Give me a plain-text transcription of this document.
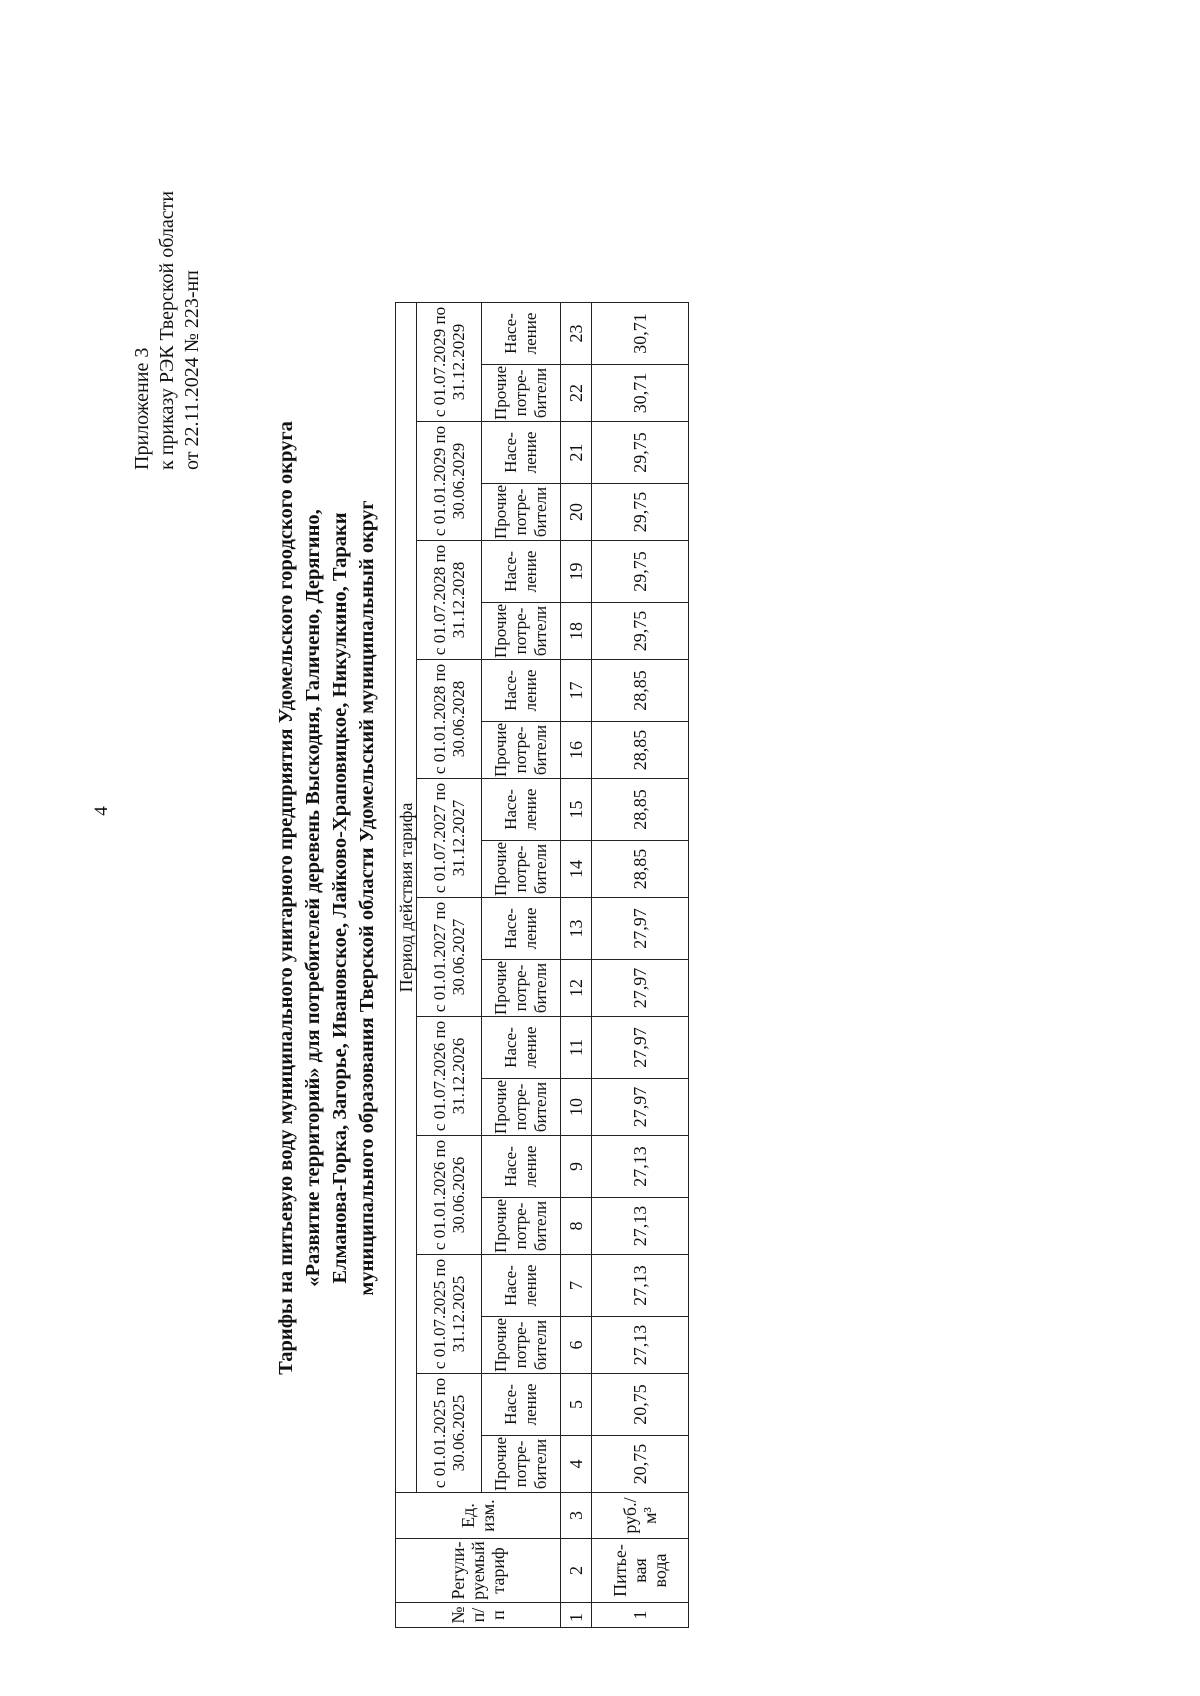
4
Приложение 3 к приказу РЭК Тверской области от 22.11.2024 № 223-нп
Тарифы на питьевую воду муниципального унитарного предприятия Удомельского городского округа «Развитие территорий» для потребителей деревень Выскодня, Галичено, Дерягино, Елманова-Горка, Загорье, Ивановское, Лайково-Храповицкое, Никулкино, Тараки муниципального образования Тверской области Удомельский муниципальный округ
№ п/п	Регули-руемый тариф	Ед. изм.	Период действия тарифа																			
			с 01.01.2025 по 30.06.2025		с 01.07.2025 по 31.12.2025		с 01.01.2026 по 30.06.2026		с 01.07.2026 по 31.12.2026		с 01.01.2027 по 30.06.2027		с 01.07.2027 по 31.12.2027		с 01.01.2028 по 30.06.2028		с 01.07.2028 по 31.12.2028		с 01.01.2029 по 30.06.2029		с 01.07.2029 по 31.12.2029	
			Прочие потре-бители	Насе-ление	Прочие потре-бители	Насе-ление	Прочие потре-бители	Насе-ление	Прочие потре-бители	Насе-ление	Прочие потре-бители	Насе-ление	Прочие потре-бители	Насе-ление	Прочие потре-бители	Насе-ление	Прочие потре-бители	Насе-ление	Прочие потре-бители	Насе-ление	Прочие потре-бители	Насе-ление
1	2	3	4	5	6	7	8	9	10	11	12	13	14	15	16	17	18	19	20	21	22	23
1	Питье-вая вода	руб./м³	20,75	20,75	27,13	27,13	27,13	27,13	27,97	27,97	27,97	27,97	28,85	28,85	28,85	28,85	29,75	29,75	29,75	29,75	30,71	30,71
